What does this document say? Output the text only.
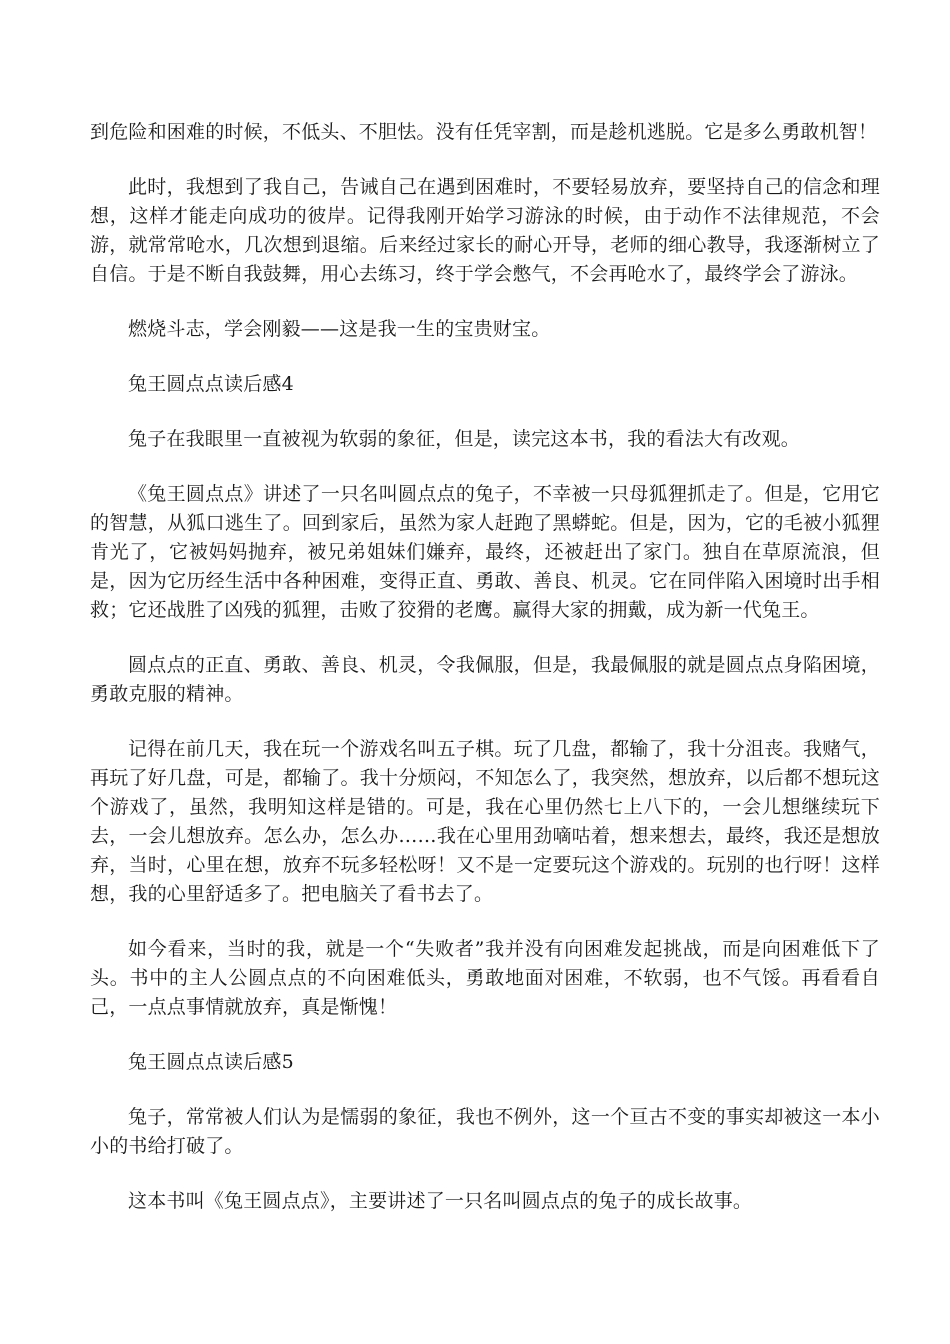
到危险和困难的时候，不低头、不胆怯。没有任凭宰割，而是趁机逃脱。它是多么勇敢机智！

此时，我想到了我自己，告诫自己在遇到困难时，不要轻易放弃，要坚持自己的信念和理想，这样才能走向成功的彼岸。记得我刚开始学习游泳的时候，由于动作不法律规范，不会游，就常常呛水，几次想到退缩。后来经过家长的耐心开导，老师的细心教导，我逐渐树立了自信。于是不断自我鼓舞，用心去练习，终于学会憋气，不会再呛水了，最终学会了游泳。

燃烧斗志，学会刚毅——这是我一生的宝贵财宝。

兔王圆点点读后感4

兔子在我眼里一直被视为软弱的象征，但是，读完这本书，我的看法大有改观。

《兔王圆点点》讲述了一只名叫圆点点的兔子，不幸被一只母狐狸抓走了。但是，它用它的智慧，从狐口逃生了。回到家后，虽然为家人赶跑了黑蟒蛇。但是，因为，它的毛被小狐狸肯光了，它被妈妈抛弃，被兄弟姐妹们嫌弃，最终，还被赶出了家门。独自在草原流浪，但是，因为它历经生活中各种困难，变得正直、勇敢、善良、机灵。它在同伴陷入困境时出手相救；它还战胜了凶残的狐狸，击败了狡猾的老鹰。赢得大家的拥戴，成为新一代兔王。

圆点点的正直、勇敢、善良、机灵，令我佩服，但是，我最佩服的就是圆点点身陷困境，勇敢克服的精神。

记得在前几天，我在玩一个游戏名叫五子棋。玩了几盘，都输了，我十分沮丧。我赌气，再玩了好几盘，可是，都输了。我十分烦闷，不知怎么了，我突然，想放弃，以后都不想玩这个游戏了，虽然，我明知这样是错的。可是，我在心里仍然七上八下的，一会儿想继续玩下去，一会儿想放弃。怎么办，怎么办……我在心里用劲嘀咕着，想来想去，最终，我还是想放弃，当时，心里在想，放弃不玩多轻松呀！又不是一定要玩这个游戏的。玩别的也行呀！这样想，我的心里舒适多了。把电脑关了看书去了。

如今看来，当时的我，就是一个“失败者”我并没有向困难发起挑战，而是向困难低下了头。书中的主人公圆点点的不向困难低头，勇敢地面对困难，不软弱，也不气馁。再看看自己，一点点事情就放弃，真是惭愧！

兔王圆点点读后感5

兔子，常常被人们认为是懦弱的象征，我也不例外，这一个亘古不变的事实却被这一本小小的书给打破了。

这本书叫《兔王圆点点》，主要讲述了一只名叫圆点点的兔子的成长故事。
